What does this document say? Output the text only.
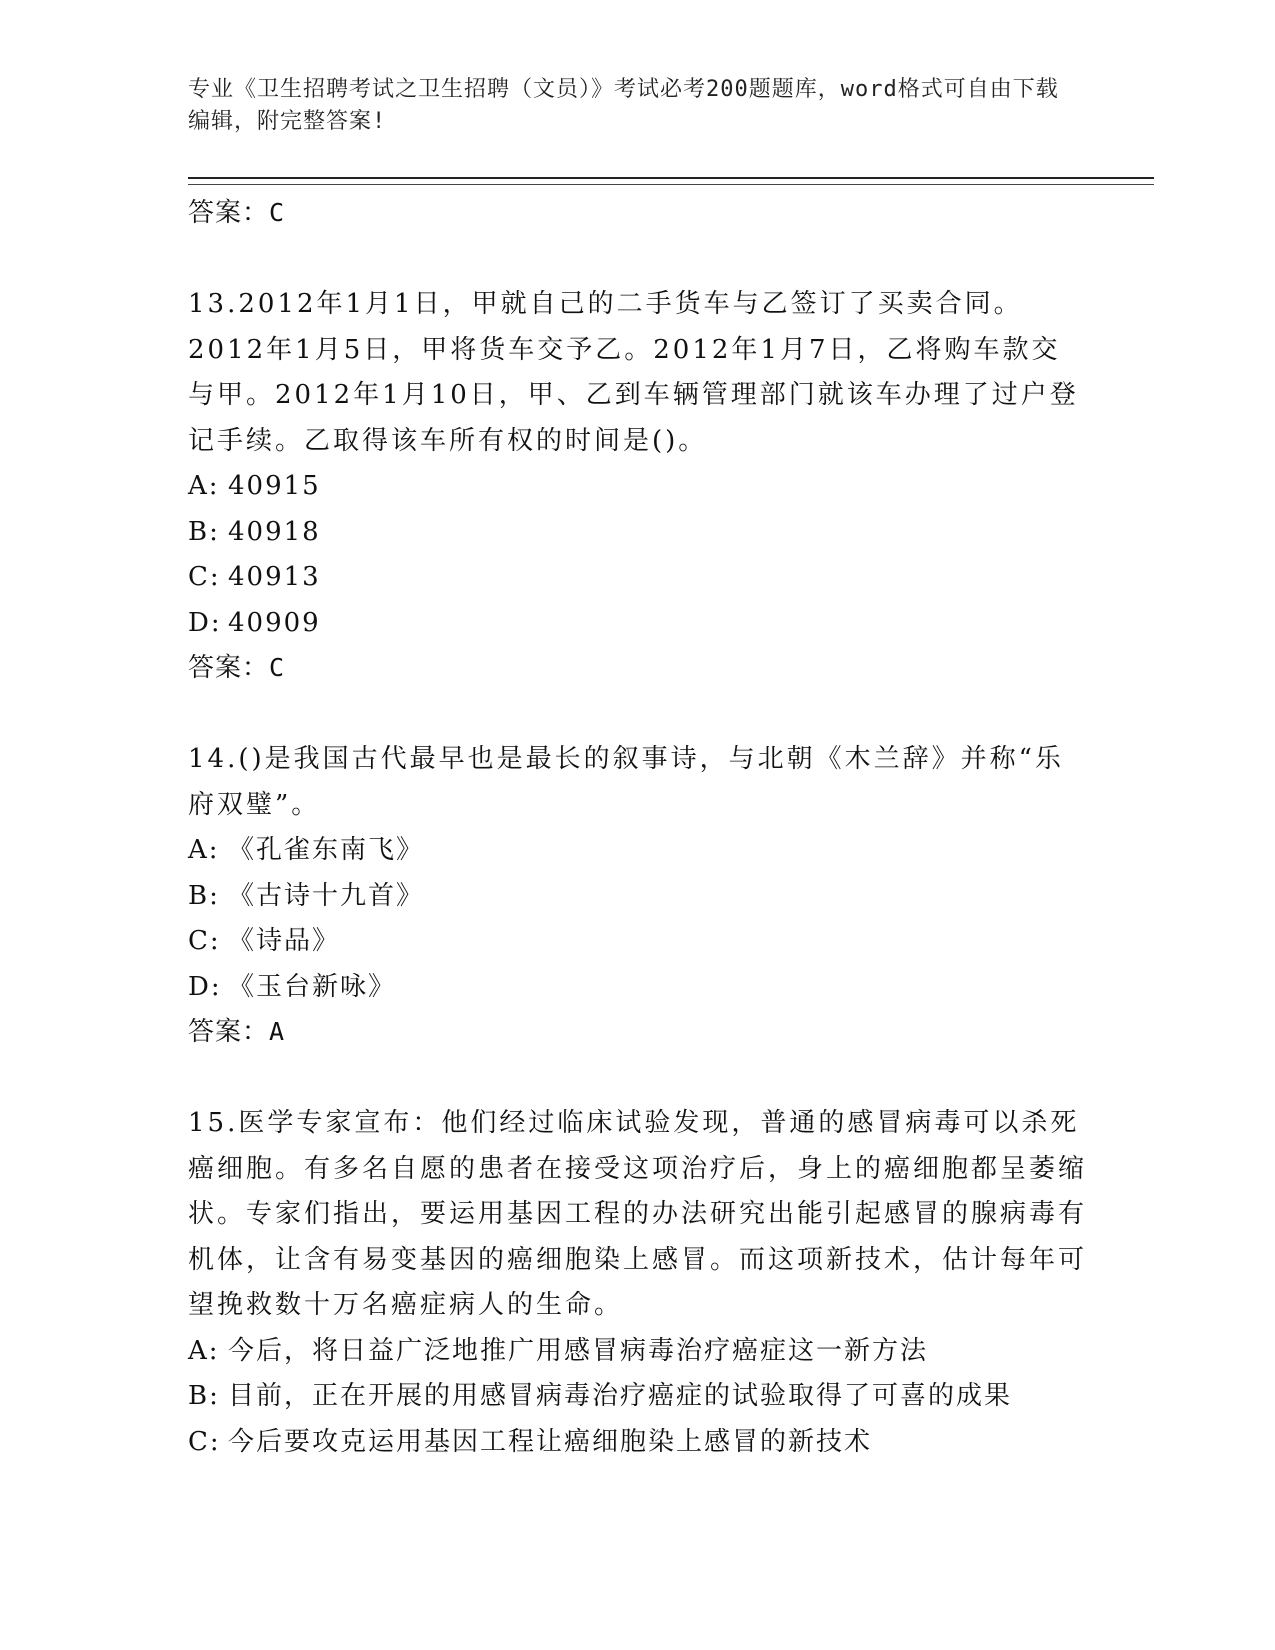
专业《卫生招聘考试之卫生招聘（文员）》考试必考200题题库，word格式可自由下载编辑，附完整答案!
答案：C
13.2012年1月1日，甲就自己的二手货车与乙签订了买卖合同。2012年1月5日，甲将货车交予乙。2012年1月7日，乙将购车款交与甲。2012年1月10日，甲、乙到车辆管理部门就该车办理了过户登记手续。乙取得该车所有权的时间是()。
A: 40915
B: 40918
C: 40913
D: 40909
答案：C
14.()是我国古代最早也是最长的叙事诗，与北朝《木兰辞》并称“乐府双璧”。
A: 《孔雀东南飞》
B: 《古诗十九首》
C: 《诗品》
D: 《玉台新咏》
答案：A
15.医学专家宣布：他们经过临床试验发现，普通的感冒病毒可以杀死癌细胞。有多名自愿的患者在接受这项治疗后，身上的癌细胞都呈萎缩状。专家们指出，要运用基因工程的办法研究出能引起感冒的腺病毒有机体，让含有易变基因的癌细胞染上感冒。而这项新技术，估计每年可望挽救数十万名癌症病人的生命。
A: 今后，将日益广泛地推广用感冒病毒治疗癌症这一新方法
B: 目前，正在开展的用感冒病毒治疗癌症的试验取得了可喜的成果
C: 今后要攻克运用基因工程让癌细胞染上感冒的新技术
